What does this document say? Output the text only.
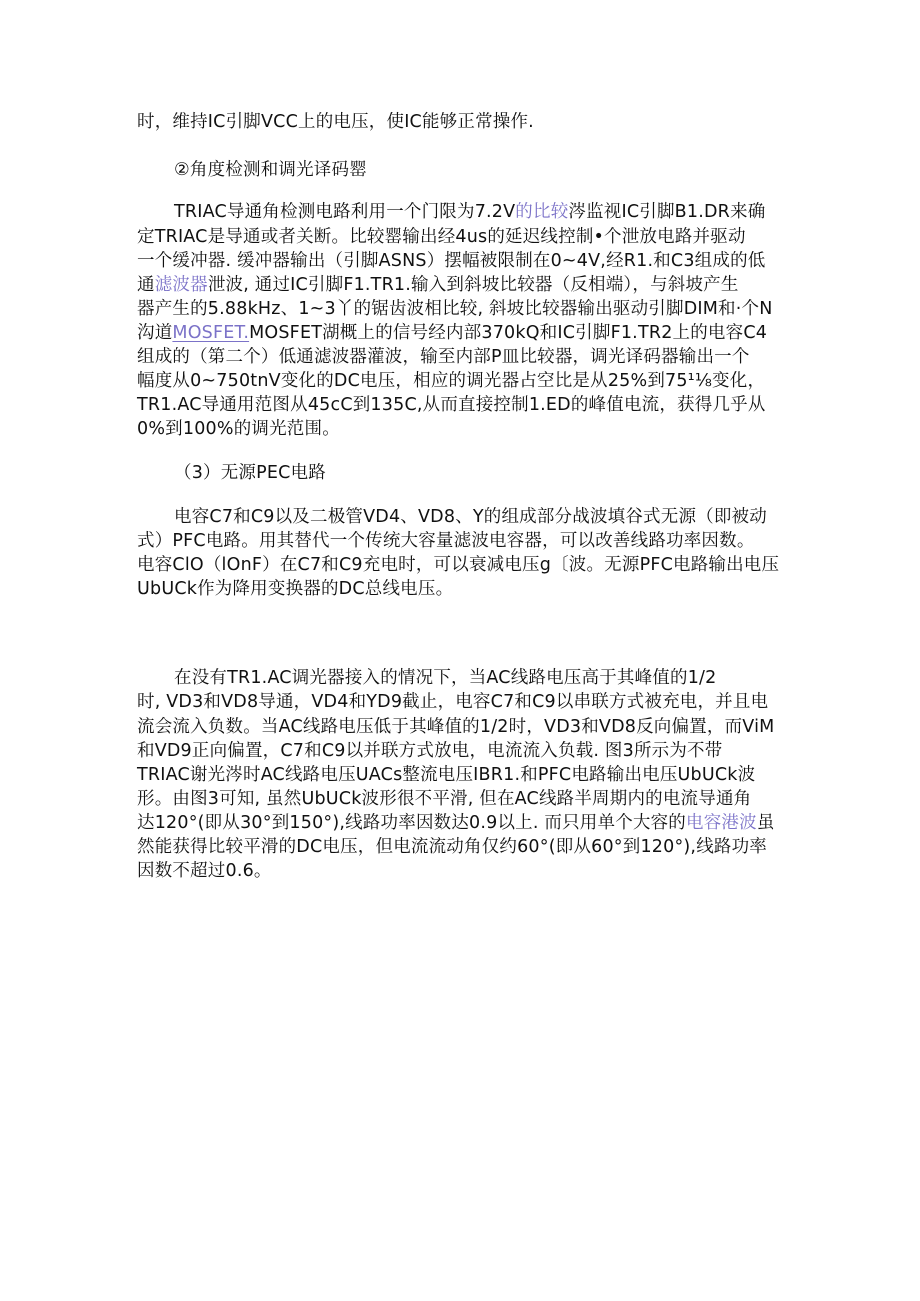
时，维持IC引脚VCC上的电压，使IC能够正常操作.
②角度检测和调光译码罂
TRIAC导通角检测电路利用一个门限为7.2V的比较涔监视IC引脚B1.DR来确
定TRIAC是导通或者关断。比较罂输出经4us的延迟线控制•个泄放电路并驱动
一个缓冲器. 缓冲器输出（引脚ASNS）摆幅被限制在0~4V,经R1.和C3组成的低
通滤波器泄波, 通过IC引脚F1.TR1.输入到斜坡比较器（反相端），与斜坡产生
器产生的5.88kHz、1~3丫的锯齿波相比较, 斜坡比较器输出驱动引脚DIM和·个N
沟道MOSFET.MOSFET湖概上的信号经内部370kQ和IC引脚F1.TR2上的电容C4
组成的（第二个）低通滤波器灌波，输至内部P皿比较器，调光译码器输出一个
幅度从0~750tnV变化的DC电压，相应的调光器占空比是从25%到75¹⅛变化，
TR1.AC导通用范图从45cC到135C,从而直接控制1.ED的峰值电流，获得几乎从
0%到100%的调光范围。
（3）无源PEC电路
电容C7和C9以及二极管VD4、VD8、Y的组成部分战波填谷式无源（即被动
式）PFC电路。用其替代一个传统大容量滤波电容器，可以改善线路功率因数。
电容ClO（lOnF）在C7和C9充电时，可以衰减电压g〔波。无源PFC电路输出电压
UbUCk作为降用变换器的DC总线电压。
在没有TR1.AC调光器接入的情况下，当AC线路电压高于其峰值的1/2
时, VD3和VD8导通，VD4和YD9截止，电容C7和C9以串联方式被充电，并且电
流会流入负数。当AC线路电压低于其峰值的1/2时，VD3和VD8反向偏置，而ViM
和VD9正向偏置，C7和C9以并联方式放电，电流流入负载. 图3所示为不带
TRIAC谢光涔时AC线路电压UACs整流电压IBR1.和PFC电路输出电压UbUCk波
形。由图3可知, 虽然UbUCk波形很不平滑, 但在AC线路半周期内的电流导通角
达120°(即从30°到150°),线路功率因数达0.9以上. 而只用单个大容的电容港波虽
然能获得比较平滑的DC电压，但电流流动角仅约60°(即从60°到120°),线路功率
因数不超过0.6。
